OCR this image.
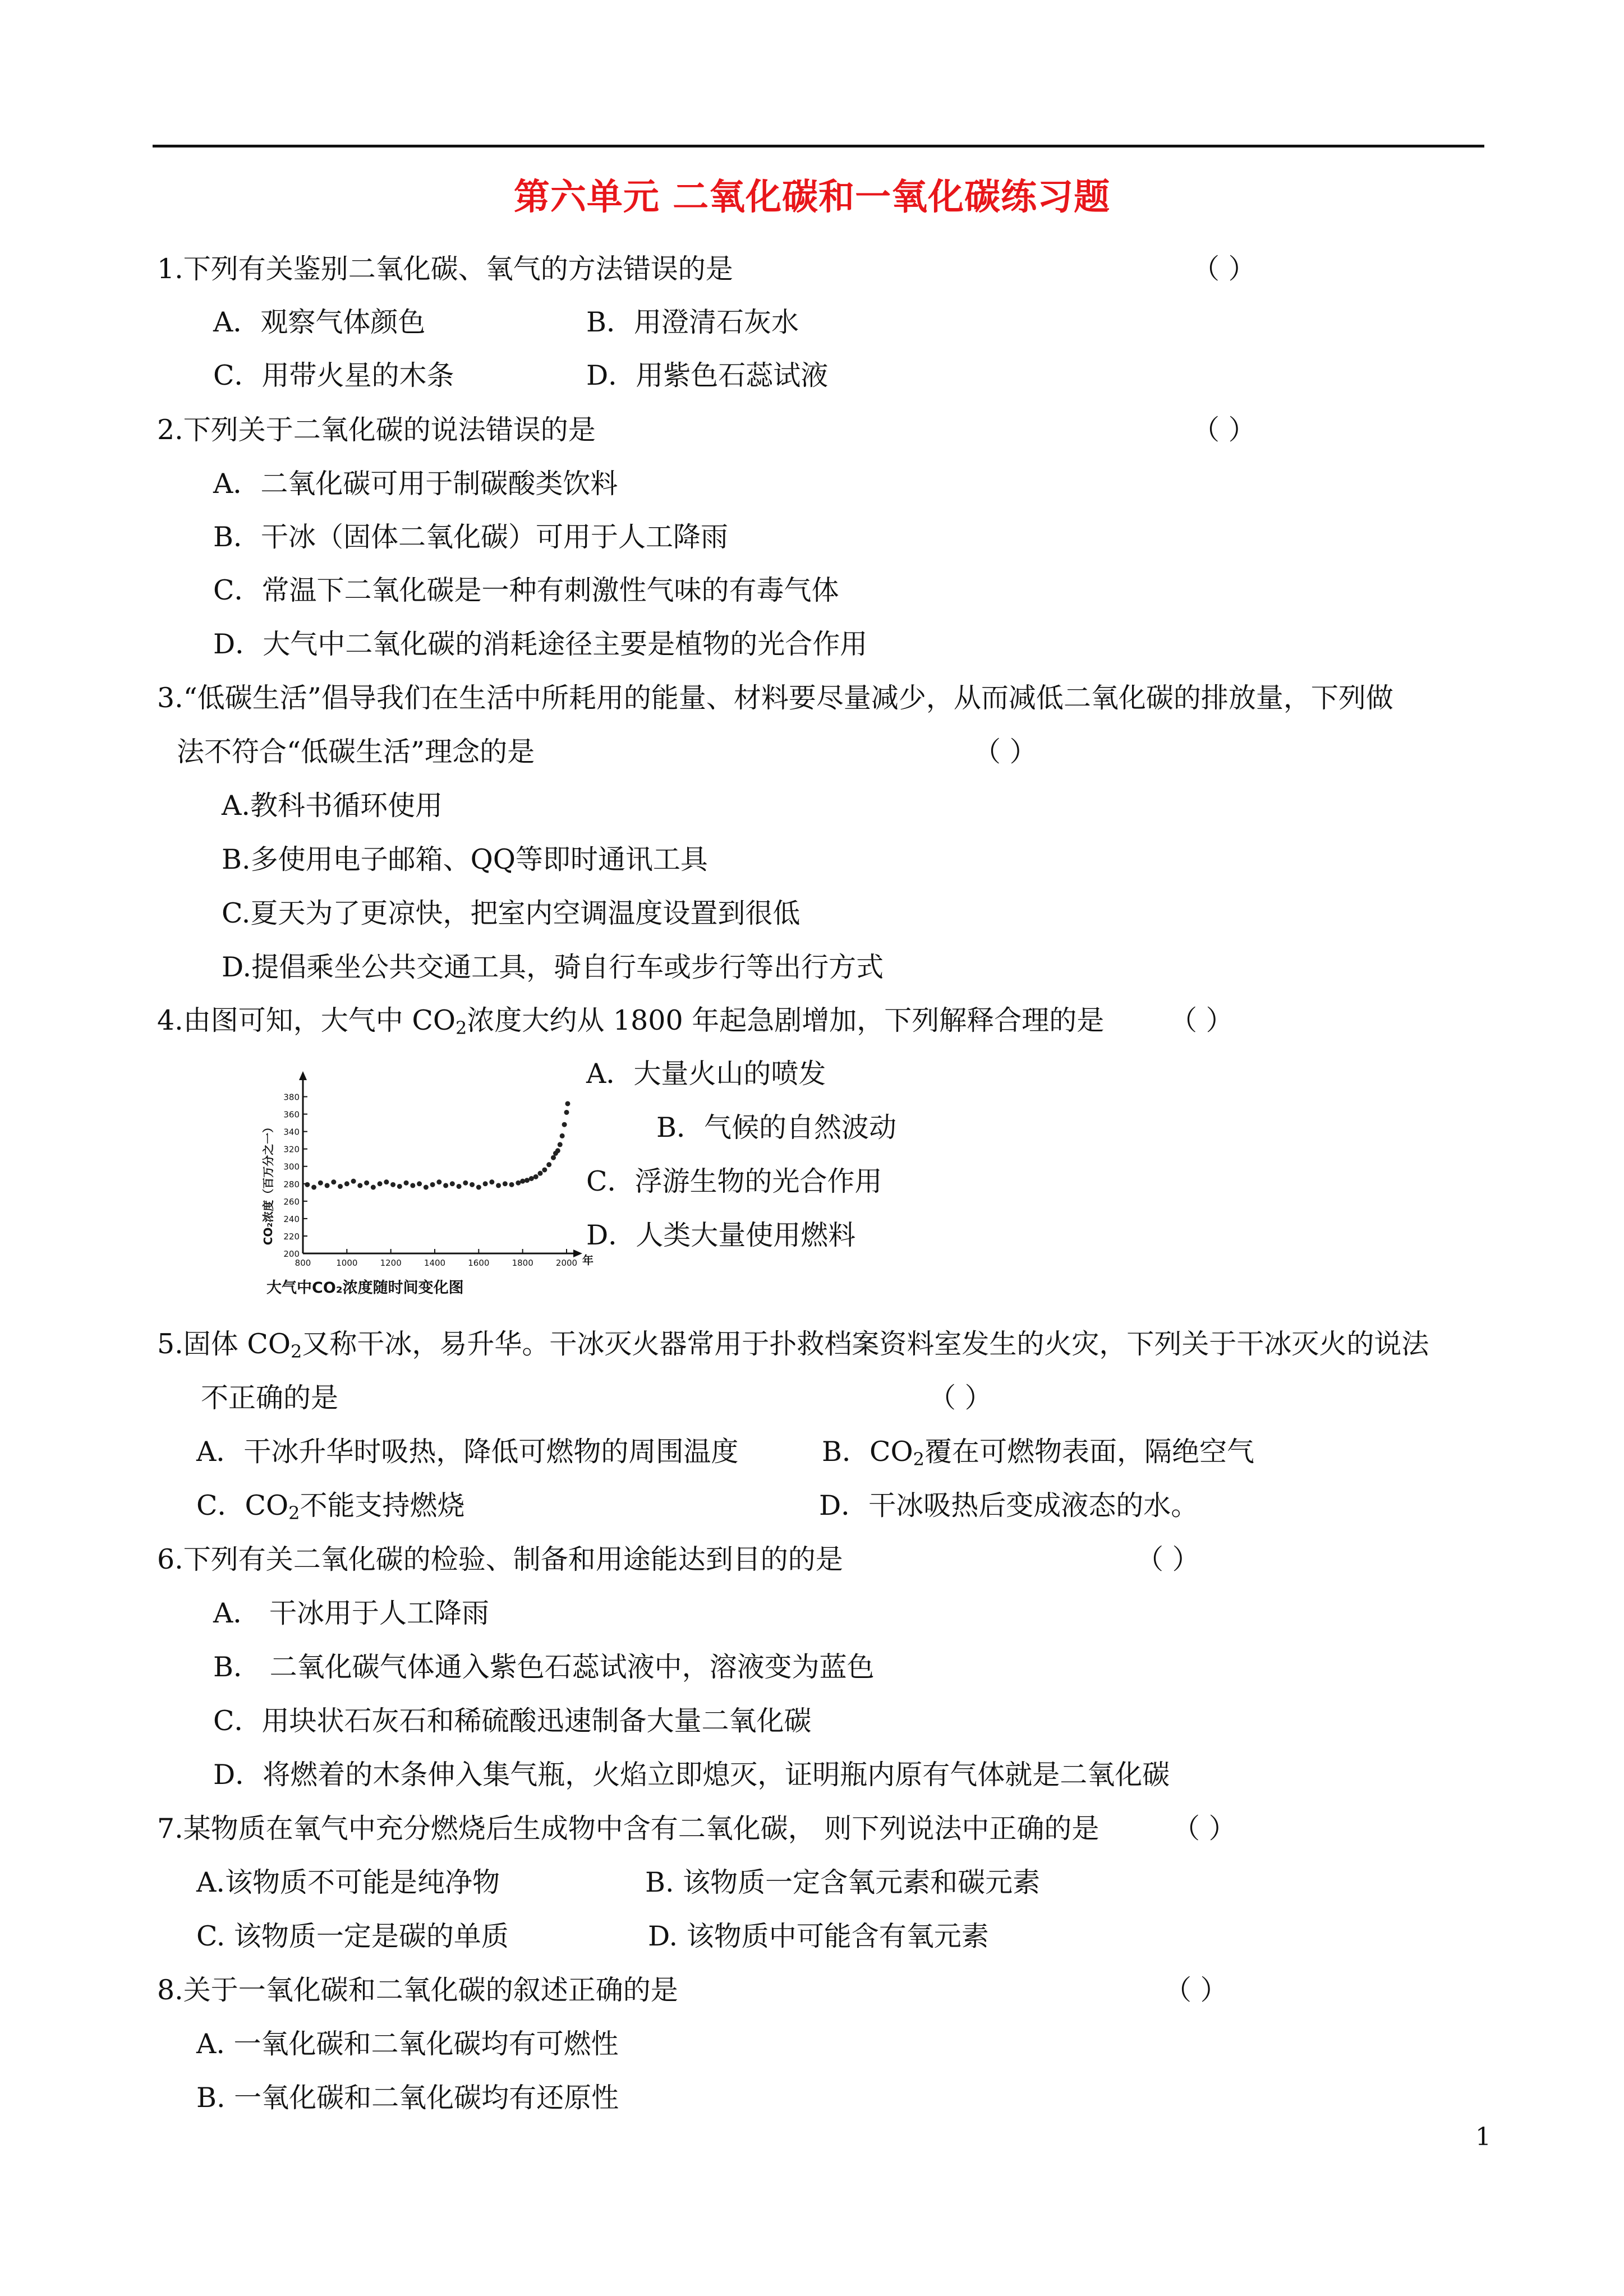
第六单元 二氧化碳和一氧化碳练习题
1.下列有关鉴别二氧化碳、氧气的方法错误的是	（ ）
A．观察气体颜色	B．用澄清石灰水
C．用带火星的木条	D．用紫色石蕊试液
2.下列关于二氧化碳的说法错误的是	（ ）
A．二氧化碳可用于制碳酸类饮料
B．干冰（固体二氧化碳）可用于人工降雨
C．常温下二氧化碳是一种有刺激性气味的有毒气体
D．大气中二氧化碳的消耗途径主要是植物的光合作用
3.“低碳生活”倡导我们在生活中所耗用的能量、材料要尽量减少，从而减低二氧化碳的排放量，下列做
法不符合“低碳生活”理念的是	（ ）
A.教科书循环使用
B.多使用电子邮箱、QQ等即时通讯工具
C.夏天为了更凉快，把室内空调温度设置到很低
D.提倡乘坐公共交通工具，骑自行车或步行等出行方式
4.由图可知，大气中 $CO_2$浓度大约从 1800 年起急剧增加，下列解释合理的是 （ ）
A．大量火山的喷发
B．气候的自然波动
C．浮游生物的光合作用
D．人类大量使用燃料
CO₂浓度（百万分之一）
380
360
340
320
300
280
260
240
220
200
800	1000	1200	1400	1600	1800	2000 年
大气中CO₂浓度随时间变化图
5.固体 $CO_2$又称干冰，易升华。干冰灭火器常用于扑救档案资料室发生的火灾，下列关于干冰灭火的说法
不正确的是	（ ）
A．干冰升华时吸热，降低可燃物的周围温度	B．$CO_2$覆在可燃物表面，隔绝空气
C．$CO_2$不能支持燃烧	D．干冰吸热后变成液态的水。
6.下列有关二氧化碳的检验、制备和用途能达到目的的是	（ ）
A． 干冰用于人工降雨
B． 二氧化碳气体通入紫色石蕊试液中，溶液变为蓝色
C．用块状石灰石和稀硫酸迅速制备大量二氧化碳
D．将燃着的木条伸入集气瓶，火焰立即熄灭，证明瓶内原有气体就是二氧化碳
7.某物质在氧气中充分燃烧后生成物中含有二氧化碳， 则下列说法中正确的是	（ ）
A.该物质不可能是纯净物	B. 该物质一定含氧元素和碳元素
C. 该物质一定是碳的单质	D. 该物质中可能含有氧元素
8.关于一氧化碳和二氧化碳的叙述正确的是	（ ）
A. 一氧化碳和二氧化碳均有可燃性
B. 一氧化碳和二氧化碳均有还原性
1
